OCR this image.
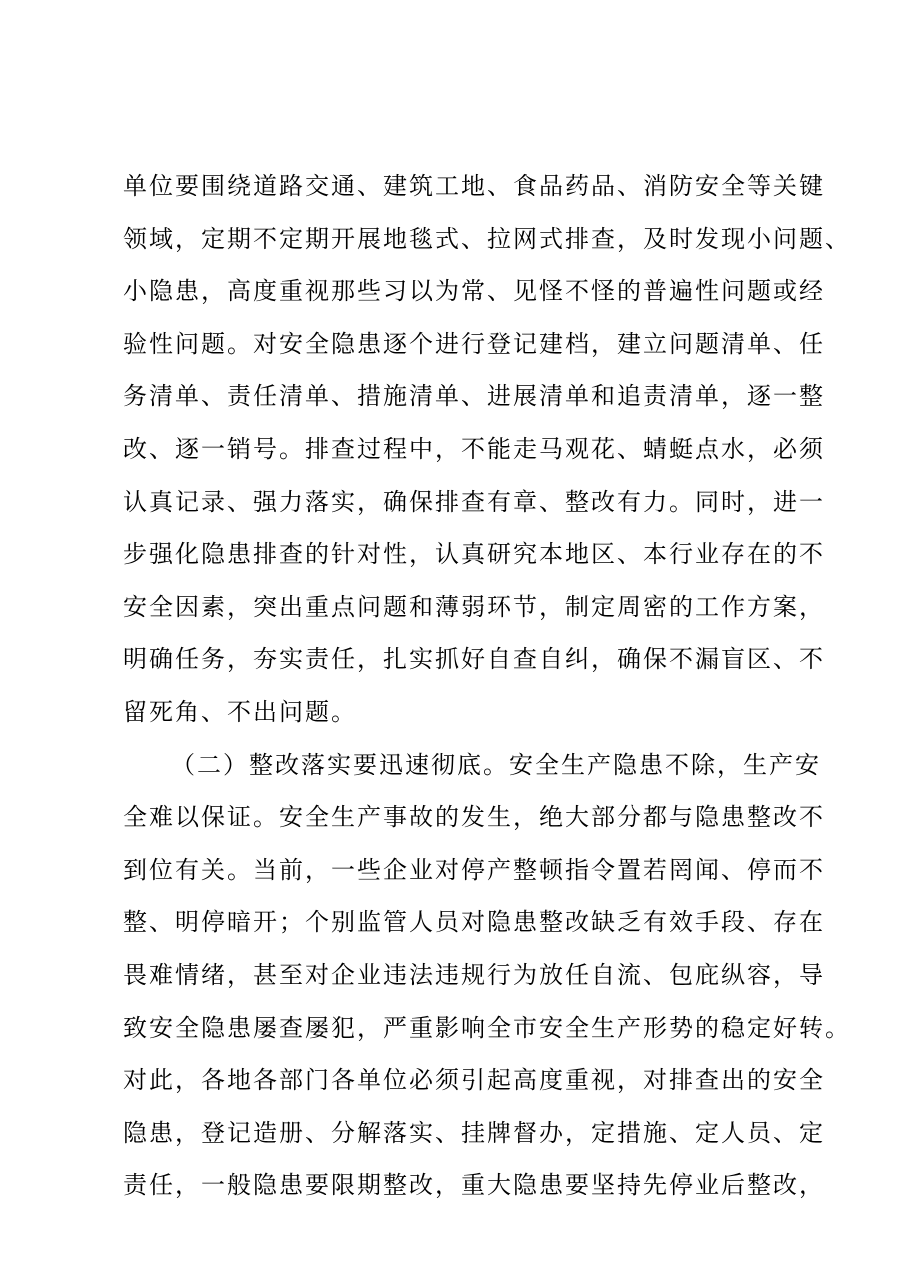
单位要围绕道路交通、建筑工地、食品药品、消防安全等关键
领域，定期不定期开展地毯式、拉网式排查，及时发现小问题、
小隐患，高度重视那些习以为常、见怪不怪的普遍性问题或经
验性问题。对安全隐患逐个进行登记建档，建立问题清单、任
务清单、责任清单、措施清单、进展清单和追责清单，逐一整
改、逐一销号。排查过程中，不能走马观花、蜻蜓点水，必须
认真记录、强力落实，确保排查有章、整改有力。同时，进一
步强化隐患排查的针对性，认真研究本地区、本行业存在的不
安全因素，突出重点问题和薄弱环节，制定周密的工作方案，
明确任务，夯实责任，扎实抓好自查自纠，确保不漏盲区、不
留死角、不出问题。
（二）整改落实要迅速彻底。安全生产隐患不除，生产安
全难以保证。安全生产事故的发生，绝大部分都与隐患整改不
到位有关。当前，一些企业对停产整顿指令置若罔闻、停而不
整、明停暗开；个别监管人员对隐患整改缺乏有效手段、存在
畏难情绪，甚至对企业违法违规行为放任自流、包庇纵容，导
致安全隐患屡查屡犯，严重影响全市安全生产形势的稳定好转。
对此，各地各部门各单位必须引起高度重视，对排查出的安全
隐患，登记造册、分解落实、挂牌督办，定措施、定人员、定
责任，一般隐患要限期整改，重大隐患要坚持先停业后整改，
